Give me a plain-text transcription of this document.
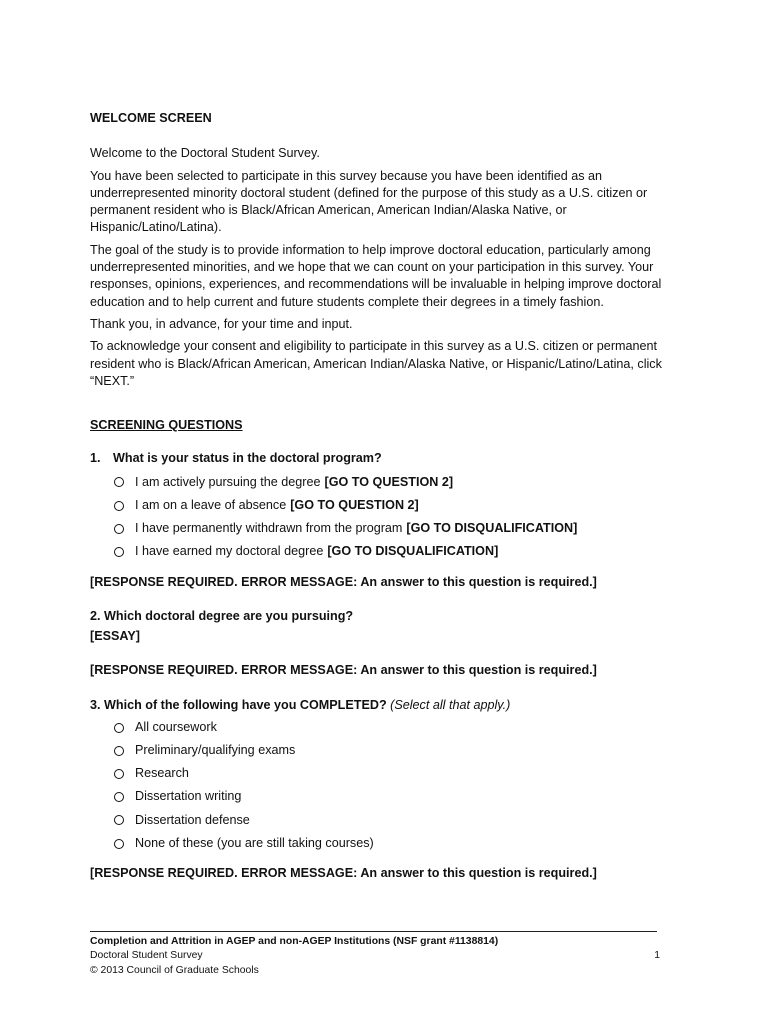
WELCOME SCREEN

Welcome to the Doctoral Student Survey.

You have been selected to participate in this survey because you have been identified as an underrepresented minority doctoral student (defined for the purpose of this study as a U.S. citizen or permanent resident who is Black/African American, American Indian/Alaska Native, or Hispanic/Latino/Latina).

The goal of the study is to provide information to help improve doctoral education, particularly among underrepresented minorities, and we hope that we can count on your participation in this survey. Your responses, opinions, experiences, and recommendations will be invaluable in helping improve doctoral education and to help current and future students complete their degrees in a timely fashion.

Thank you, in advance, for your time and input.

To acknowledge your consent and eligibility to participate in this survey as a U.S. citizen or permanent resident who is Black/African American, American Indian/Alaska Native, or Hispanic/Latino/Latina, click “NEXT.”

SCREENING QUESTIONS
1. What is your status in the doctoral program?
I am actively pursuing the degree [GO TO QUESTION 2]
I am on a leave of absence [GO TO QUESTION 2]
I have permanently withdrawn from the program [GO TO DISQUALIFICATION]
I have earned my doctoral degree [GO TO DISQUALIFICATION]
[RESPONSE REQUIRED. ERROR MESSAGE: An answer to this question is required.]
2. Which doctoral degree are you pursuing?
[ESSAY]
[RESPONSE REQUIRED. ERROR MESSAGE: An answer to this question is required.]
3. Which of the following have you COMPLETED? (Select all that apply.)
All coursework
Preliminary/qualifying exams
Research
Dissertation writing
Dissertation defense
None of these (you are still taking courses)
[RESPONSE REQUIRED. ERROR MESSAGE: An answer to this question is required.]
Completion and Attrition in AGEP and non-AGEP Institutions (NSF grant #1138814)
Doctoral Student Survey
© 2013 Council of Graduate Schools
1
